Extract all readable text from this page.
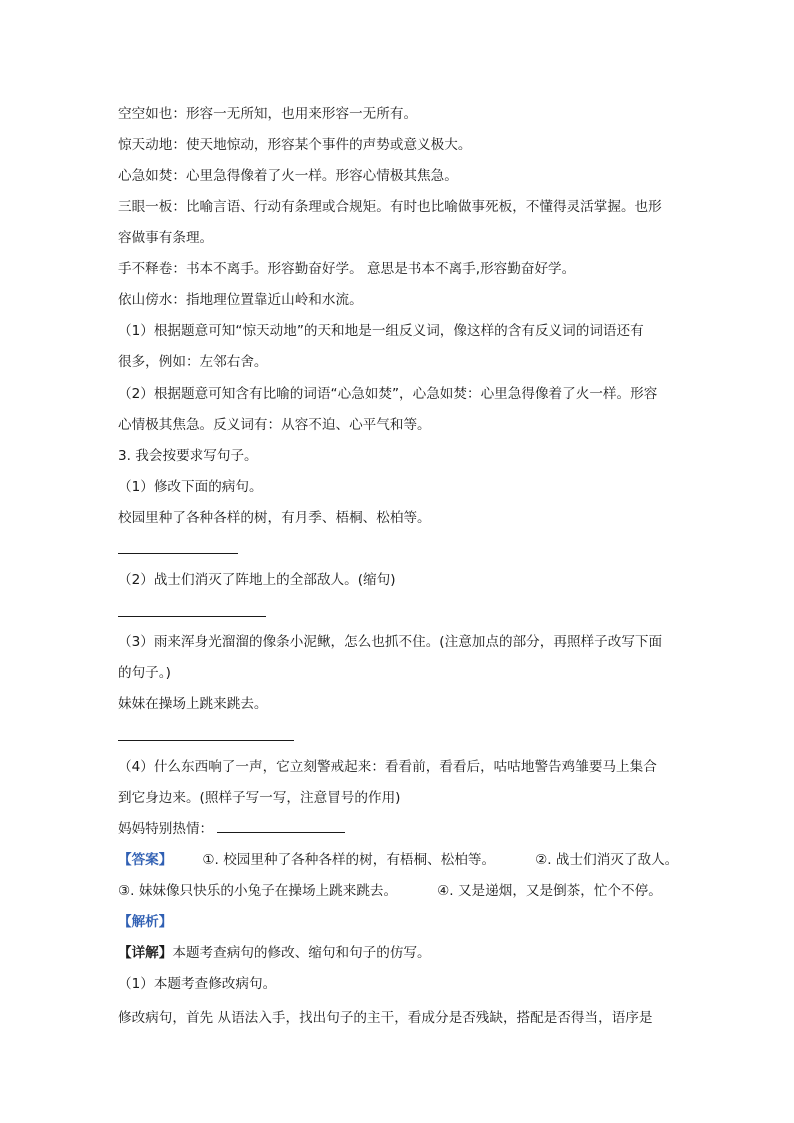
空空如也：形容一无所知，也用来形容一无所有。
惊天动地：使天地惊动，形容某个事件的声势或意义极大。
心急如焚：心里急得像着了火一样。形容心情极其焦急。
三眼一板：比喻言语、行动有条理或合规矩。有时也比喻做事死板，不懂得灵活掌握。也形
容做事有条理。
手不释卷：书本不离手。形容勤奋好学。 意思是书本不离手,形容勤奋好学。
依山傍水：指地理位置靠近山岭和水流。
（1）根据题意可知“惊天动地”的天和地是一组反义词，像这样的含有反义词的词语还有
很多，例如：左邻右舍。
（2）根据题意可知含有比喻的词语“心急如焚”，心急如焚：心里急得像着了火一样。形容
心情极其焦急。反义词有：从容不迫、心平气和等。
3. 我会按要求写句子。
（1）修改下面的病句。
校园里种了各种各样的树，有月季、梧桐、松柏等。
（2）战士们消灭了阵地上的全部敌人。(缩句)
（3）雨来浑身光溜溜的像条小泥鳅，怎么也抓不住。(注意加点的部分，再照样子改写下面
的句子。)
妹妹在操场上跳来跳去。
（4）什么东西响了一声，它立刻警戒起来：看看前，看看后，咕咕地警告鸡雏要马上集合
到它身边来。(照样子写一写，注意冒号的作用)
妈妈特别热情：
【答案】 ①. 校园里种了各种各样的树，有梧桐、松柏等。	②. 战士们消灭了敌人。
③. 妹妹像只快乐的小兔子在操场上跳来跳去。	④. 又是递烟，又是倒茶，忙个不停。
【解析】
【详解】本题考查病句的修改、缩句和句子的仿写。
（1）本题考查修改病句。
修改病句，首先 从语法入手，找出句子的主干，看成分是否残缺，搭配是否得当，语序是
